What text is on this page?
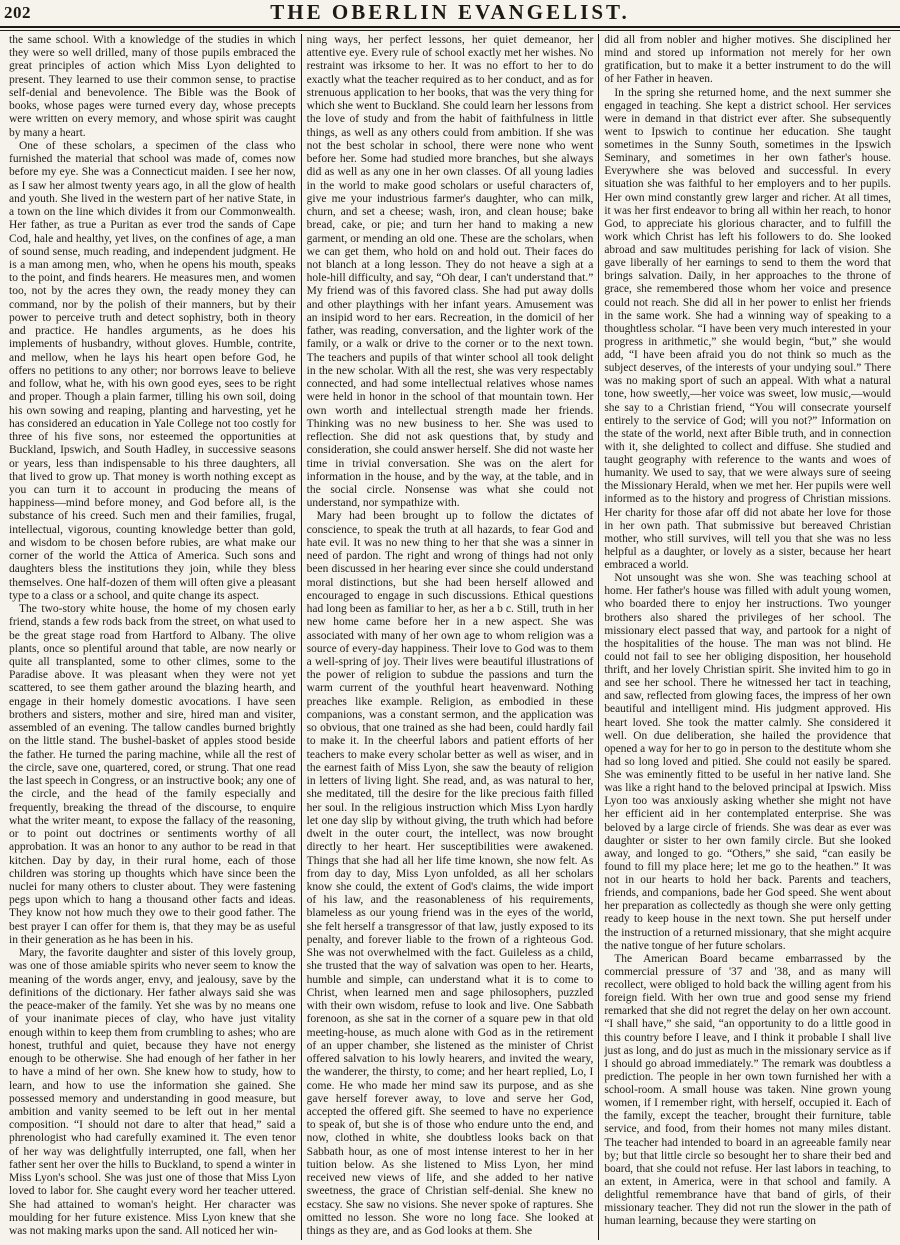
202	THE OBERLIN EVANGELIST.

the same school. With a knowledge of the studies in which they were so well drilled, many of those pupils embraced the great principles of action which Miss Lyon delighted to present. They learned to use their common sense, to practise self-denial and benevolence. The Bible was the Book of books, whose pages were turned every day, whose precepts were written on every memory, and whose spirit was caught by many a heart.

One of these scholars, a specimen of the class who furnished the material that school was made of, comes now before my eye. She was a Connecticut maiden. I see her now, as I saw her almost twenty years ago, in all the glow of health and youth. She lived in the western part of her native State, in a town on the line which divides it from our Commonwealth. Her father, as true a Puritan as ever trod the sands of Cape Cod, hale and healthy, yet lives, on the confines of age, a man of sound sense, much reading, and independent judgment. He is a man among men, who, when he opens his mouth, speaks to the point, and finds hearers. He measures men, and women too, not by the acres they own, the ready money they can command, nor by the polish of their manners, but by their power to perceive truth and detect sophistry, both in theory and practice. He handles arguments, as he does his implements of husbandry, without gloves. Humble, contrite, and mellow, when he lays his heart open before God, he offers no petitions to any other; nor borrows leave to believe and follow, what he, with his own good eyes, sees to be right and proper. Though a plain farmer, tilling his own soil, doing his own sowing and reaping, planting and harvesting, yet he has considered an education in Yale College not too costly for three of his five sons, nor esteemed the opportunities at Buckland, Ipswich, and South Hadley, in successive seasons or years, less than indispensable to his three daughters, all that lived to grow up. That money is worth nothing except as you can turn it to account in producing the means of happiness—mind before money, and God before all, is the substance of his creed. Such men and their families, frugal, intellectual, vigorous, counting knowledge better than gold, and wisdom to be chosen before rubies, are what make our corner of the world the Attica of America. Such sons and daughters bless the institutions they join, while they bless themselves. One half-dozen of them will often give a pleasant type to a class or a school, and quite change its aspect.

The two-story white house, the home of my chosen early friend, stands a few rods back from the street, on what used to be the great stage road from Hartford to Albany. The olive plants, once so plentiful around that table, are now nearly or quite all transplanted, some to other climes, some to the Paradise above. It was pleasant when they were not yet scattered, to see them gather around the blazing hearth, and engage in their homely domestic avocations. I have seen brothers and sisters, mother and sire, hired man and visiter, assembled of an evening. The tallow candles burned brightly on the little stand. The bushel-basket of apples stood beside the father. He turned the paring machine, while all the rest of the circle, save one, quartered, cored, or strung. That one read the last speech in Congress, or an instructive book; any one of the circle, and the head of the family especially and frequently, breaking the thread of the discourse, to enquire what the writer meant, to expose the fallacy of the reasoning, or to point out doctrines or sentiments worthy of all approbation. It was an honor to any author to be read in that kitchen. Day by day, in their rural home, each of those children was storing up thoughts which have since been the nuclei for many others to cluster about. They were fastening pegs upon which to hang a thousand other facts and ideas. They know not how much they owe to their good father. The best prayer I can offer for them is, that they may be as useful in their generation as he has been in his.

Mary, the favorite daughter and sister of this lovely group, was one of those amiable spirits who never seem to know the meaning of the words anger, envy, and jealousy, save by the definitions of the dictionary. Her father always said she was the peace-maker of the family. Yet she was by no means one of your inanimate pieces of clay, who have just vitality enough within to keep them from crumbling to ashes; who are honest, truthful and quiet, because they have not energy enough to be otherwise. She had enough of her father in her to have a mind of her own. She knew how to study, how to learn, and how to use the information she gained. She possessed memory and understanding in good measure, but ambition and vanity seemed to be left out in her mental composition. “I should not dare to alter that head,” said a phrenologist who had carefully examined it. The even tenor of her way was delightfully interrupted, one fall, when her father sent her over the hills to Buckland, to spend a winter in Miss Lyon's school. She was just one of those that Miss Lyon loved to labor for. She caught every word her teacher uttered. She had attained to woman's height. Her character was moulding for her future existence. Miss Lyon knew that she was not making marks upon the sand. All noticed her win-

ning ways, her perfect lessons, her quiet demeanor, her attentive eye. Every rule of school exactly met her wishes. No restraint was irksome to her. It was no effort to her to do exactly what the teacher required as to her conduct, and as for strenuous application to her books, that was the very thing for which she went to Buckland. She could learn her lessons from the love of study and from the habit of faithfulness in little things, as well as any others could from ambition. If she was not the best scholar in school, there were none who went before her. Some had studied more branches, but she always did as well as any one in her own classes. Of all young ladies in the world to make good scholars or useful characters of, give me your industrious farmer's daughter, who can milk, churn, and set a cheese; wash, iron, and clean house; bake bread, cake, or pie; and turn her hand to making a new garment, or mending an old one. These are the scholars, when we can get them, who hold on and hold out. Their faces do not blanch at a long lesson. They do not heave a sigh at a hole-hill difficulty, and say, “Oh dear, I can't understand that.” My friend was of this favored class. She had put away dolls and other playthings with her infant years. Amusement was an insipid word to her ears. Recreation, in the domicil of her father, was reading, conversation, and the lighter work of the family, or a walk or drive to the corner or to the next town. The teachers and pupils of that winter school all took delight in the new scholar. With all the rest, she was very respectably connected, and had some intellectual relatives whose names were held in honor in the school of that mountain town. Her own worth and intellectual strength made her friends. Thinking was no new business to her. She was used to reflection. She did not ask questions that, by study and consideration, she could answer herself. She did not waste her time in trivial conversation. She was on the alert for information in the house, and by the way, at the table, and in the social circle. Nonsense was what she could not understand, nor sympathize with.

Mary had been brought up to follow the dictates of conscience, to speak the truth at all hazards, to fear God and hate evil. It was no new thing to her that she was a sinner in need of pardon. The right and wrong of things had not only been discussed in her hearing ever since she could understand moral distinctions, but she had been herself allowed and encouraged to engage in such discussions. Ethical questions had long been as familiar to her, as her a b c. Still, truth in her new home came before her in a new aspect. She was associated with many of her own age to whom religion was a source of every-day happiness. Their love to God was to them a well-spring of joy. Their lives were beautiful illustrations of the power of religion to subdue the passions and turn the warm current of the youthful heart heavenward. Nothing preaches like example. Religion, as embodied in these companions, was a constant sermon, and the application was so obvious, that one trained as she had been, could hardly fail to make it. In the cheerful labors and patient efforts of her teachers to make every scholar better as well as wiser, and in the earnest faith of Miss Lyon, she saw the beauty of religion in letters of living light. She read, and, as was natural to her, she meditated, till the desire for the like precious faith filled her soul. In the religious instruction which Miss Lyon hardly let one day slip by without giving, the truth which had before dwelt in the outer court, the intellect, was now brought directly to her heart. Her susceptibilities were awakened. Things that she had all her life time known, she now felt. As from day to day, Miss Lyon unfolded, as all her scholars know she could, the extent of God's claims, the wide import of his law, and the reasonableness of his requirements, blameless as our young friend was in the eyes of the world, she felt herself a transgressor of that law, justly exposed to its penalty, and forever liable to the frown of a righteous God. She was not overwhelmed with the fact. Guileless as a child, she trusted that the way of salvation was open to her. Hearts, humble and simple, can understand what it is to come to Christ, when learned men and sage philosophers, puzzled with their own wisdom, refuse to look and live. One Sabbath forenoon, as she sat in the corner of a square pew in that old meeting-house, as much alone with God as in the retirement of an upper chamber, she listened as the minister of Christ offered salvation to his lowly hearers, and invited the weary, the wanderer, the thirsty, to come; and her heart replied, Lo, I come. He who made her mind saw its purpose, and as she gave herself forever away, to love and serve her God, accepted the offered gift. She seemed to have no experience to speak of, but she is of those who endure unto the end, and now, clothed in white, she doubtless looks back on that Sabbath hour, as one of most intense interest to her in her tuition below. As she listened to Miss Lyon, her mind received new views of life, and she added to her native sweetness, the grace of Christian self-denial. She knew no ecstacy. She saw no visions. She never spoke of raptures. She omitted no lesson. She wore no long face. She looked at things as they are, and as God looks at them. She

did all from nobler and higher motives. She disciplined her mind and stored up information not merely for her own gratification, but to make it a better instrument to do the will of her Father in heaven.

In the spring she returned home, and the next summer she engaged in teaching. She kept a district school. Her services were in demand in that district ever after. She subsequently went to Ipswich to continue her education. She taught sometimes in the Sunny South, sometimes in the Ipswich Seminary, and sometimes in her own father's house. Everywhere she was beloved and successful. In every situation she was faithful to her employers and to her pupils. Her own mind constantly grew larger and richer. At all times, it was her first endeavor to bring all within her reach, to honor God, to appreciate his glorious character, and to fulfill the work which Christ has left his followers to do. She looked abroad and saw multitudes perishing for lack of vision. She gave liberally of her earnings to send to them the word that brings salvation. Daily, in her approaches to the throne of grace, she remembered those whom her voice and presence could not reach. She did all in her power to enlist her friends in the same work. She had a winning way of speaking to a thoughtless scholar. “I have been very much interested in your progress in arithmetic,” she would begin, “but,” she would add, “I have been afraid you do not think so much as the subject deserves, of the interests of your undying soul.” There was no making sport of such an appeal. With what a natural tone, how sweetly,—her voice was sweet, low music,—would she say to a Christian friend, “You will consecrate yourself entirely to the service of God; will you not?” Information on the state of the world, next after Bible truth, and in connection with it, she delighted to collect and diffuse. She studied and taught geography with reference to the wants and woes of humanity. We used to say, that we were always sure of seeing the Missionary Herald, when we met her. Her pupils were well informed as to the history and progress of Christian missions. Her charity for those afar off did not abate her love for those in her own path. That submissive but bereaved Christian mother, who still survives, will tell you that she was no less helpful as a daughter, or lovely as a sister, because her heart embraced a world.

Not unsought was she won. She was teaching school at home. Her father's house was filled with adult young women, who boarded there to enjoy her instructions. Two younger brothers also shared the privileges of her school. The missionary elect passed that way, and partook for a night of the hospitalities of the house. The man was not blind. He could not fail to see her obliging disposition, her household thrift, and her lovely Christian spirit. She invited him to go in and see her school. There he witnessed her tact in teaching, and saw, reflected from glowing faces, the impress of her own beautiful and intelligent mind. His judgment approved. His heart loved. She took the matter calmly. She considered it well. On due deliberation, she hailed the providence that opened a way for her to go in person to the destitute whom she had so long loved and pitied. She could not easily be spared. She was eminently fitted to be useful in her native land. She was like a right hand to the beloved principal at Ipswich. Miss Lyon too was anxiously asking whether she might not have her efficient aid in her contemplated enterprise. She was beloved by a large circle of friends. She was dear as ever was daughter or sister to her own family circle. But she looked away, and longed to go. “Others,” she said, “can easily be found to fill my place here; let me go to the heathen.” It was not in our hearts to hold her back. Parents and teachers, friends, and companions, bade her God speed. She went about her preparation as collectedly as though she were only getting ready to keep house in the next town. She put herself under the instruction of a returned missionary, that she might acquire the native tongue of her future scholars.

The American Board became embarrassed by the commercial pressure of '37 and '38, and as many will recollect, were obliged to hold back the willing agent from his foreign field. With her own true and good sense my friend remarked that she did not regret the delay on her own account. “I shall have,” she said, “an opportunity to do a little good in this country before I leave, and I think it probable I shall live just as long, and do just as much in the missionary service as if I should go abroad immediately.” The remark was doubtless a prediction. The people in her own town furnished her with a school-room. A small house was taken. Nine grown young women, if I remember right, with herself, occupied it. Each of the family, except the teacher, brought their furniture, table service, and food, from their homes not many miles distant. The teacher had intended to board in an agreeable family near by; but that little circle so besought her to share their bed and board, that she could not refuse. Her last labors in teaching, to an extent, in America, were in that school and family. A delightful remembrance have that band of girls, of their missionary teacher. They did not run the slower in the path of human learning, because they were starting on
